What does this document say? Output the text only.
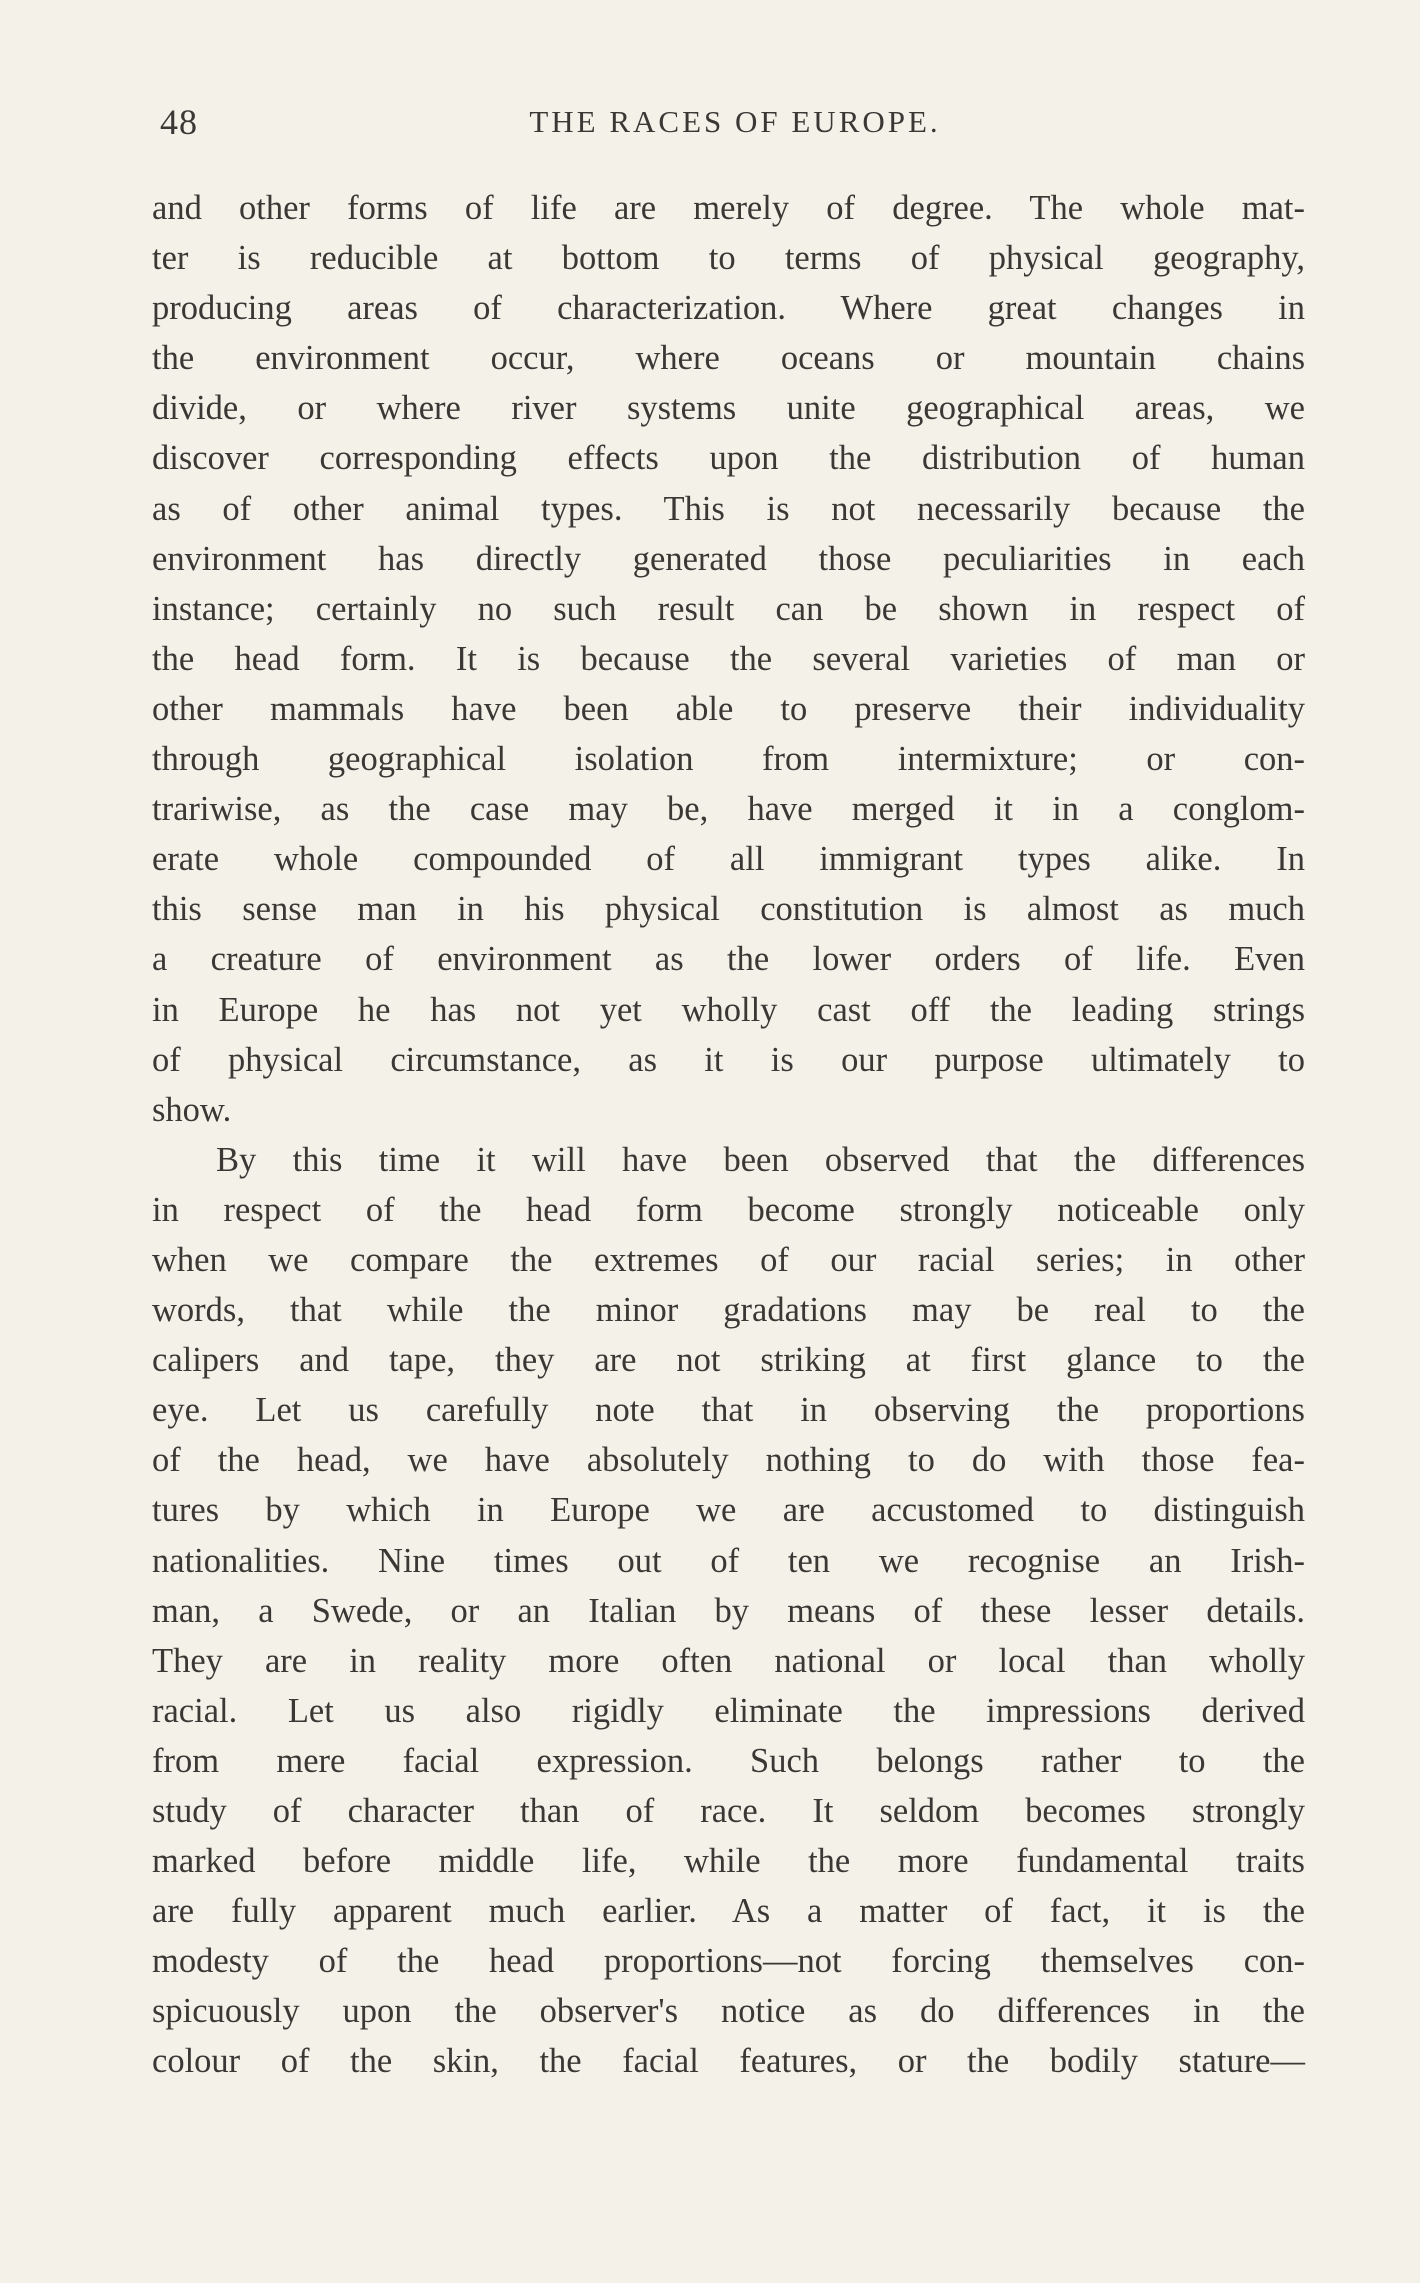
48	THE RACES OF EUROPE.
and other forms of life are merely of degree. The whole mat-
ter is reducible at bottom to terms of physical geography,
producing areas of characterization. Where great changes in
the environment occur, where oceans or mountain chains
divide, or where river systems unite geographical areas, we
discover corresponding effects upon the distribution of human
as of other animal types. This is not necessarily because the
environment has directly generated those peculiarities in each
instance; certainly no such result can be shown in respect of
the head form. It is because the several varieties of man or
other mammals have been able to preserve their individuality
through geographical isolation from intermixture; or con-
trariwise, as the case may be, have merged it in a conglom-
erate whole compounded of all immigrant types alike. In
this sense man in his physical constitution is almost as much
a creature of environment as the lower orders of life. Even
in Europe he has not yet wholly cast off the leading strings
of physical circumstance, as it is our purpose ultimately to
show.
By this time it will have been observed that the differences
in respect of the head form become strongly noticeable only
when we compare the extremes of our racial series; in other
words, that while the minor gradations may be real to the
calipers and tape, they are not striking at first glance to the
eye. Let us carefully note that in observing the proportions
of the head, we have absolutely nothing to do with those fea-
tures by which in Europe we are accustomed to distinguish
nationalities. Nine times out of ten we recognise an Irish-
man, a Swede, or an Italian by means of these lesser details.
They are in reality more often national or local than wholly
racial. Let us also rigidly eliminate the impressions derived
from mere facial expression. Such belongs rather to the
study of character than of race. It seldom becomes strongly
marked before middle life, while the more fundamental traits
are fully apparent much earlier. As a matter of fact, it is the
modesty of the head proportions—not forcing themselves con-
spicuously upon the observer's notice as do differences in the
colour of the skin, the facial features, or the bodily stature—
